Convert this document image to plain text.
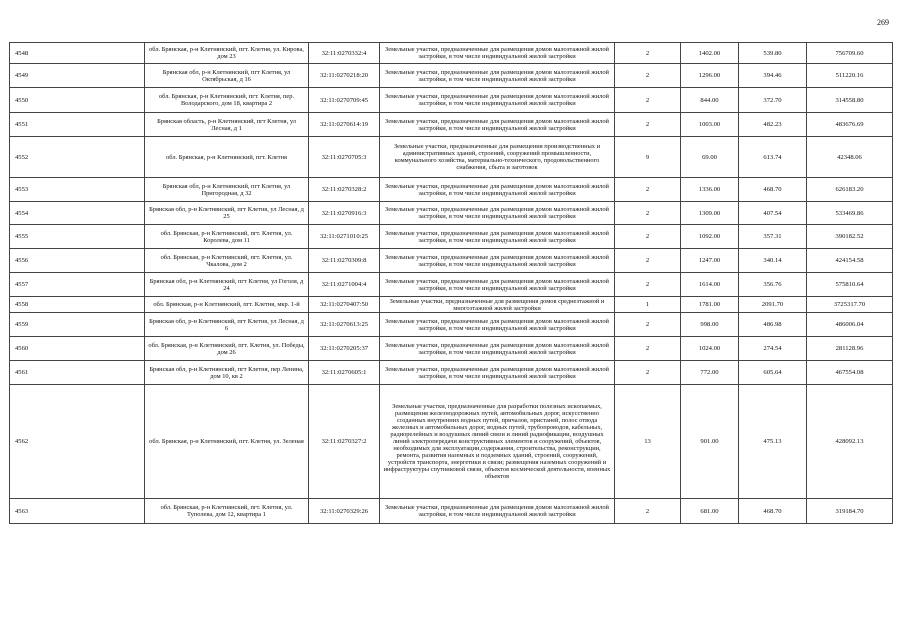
269
4548	обл. Брянская, р-н Клетнянский, пгт. Клетня, ул. Кирова, дом 23	32:11:0270332:4	Земельные участки, предназначенные для размещения домов малоэтажной жилой застройки, в том числе индивидуальной жилой застройки	2	1402.00	539.80	756709.60
4549	Брянская обл, р-н Клетнянский, пгт Клетня, ул Октябрьская, д 16	32:11:0270218:20	Земельные участки, предназначенные для размещения домов малоэтажной жилой застройки, в том числе индивидуальной жилой застройки	2	1296.00	394.46	511220.16
4550	обл. Брянская, р-н Клетнянский, пгт. Клетня, пер. Володарского, дом 18, квартира 2	32:11:0270709:45	Земельные участки, предназначенные для размещения домов малоэтажной жилой застройки, в том числе индивидуальной жилой застройки	2	844.00	372.70	314558.80
4551	Брянская область, р-н Клетнянский, пгт Клетня, ул Лесная, д 1	32:11:0270614:19	Земельные участки, предназначенные для размещения домов малоэтажной жилой застройки, в том числе индивидуальной жилой застройки	2	1003.00	482.23	483676.69
4552	обл. Брянская, р-н Клетнянский, пгт. Клетня	32:11:0270705:3	Земельные участки, предназначенные для размещения производственных и административных зданий, строений, сооружений промышленности, коммунального хозяйства, материально-технического, продовольственного снабжения, сбыта и заготовок	9	69.00	613.74	42348.06
4553	Брянская обл, р-н Клетнянский, пгт Клетня, ул Пригородная, д 32	32:11:0270328:2	Земельные участки, предназначенные для размещения домов малоэтажной жилой застройки, в том числе индивидуальной жилой застройки	2	1336.00	468.70	626183.20
4554	Брянская обл, р-н Клетнянский, пгт Клетня, ул Лесная, д 25	32:11:0270916:3	Земельные участки, предназначенные для размещения домов малоэтажной жилой застройки, в том числе индивидуальной жилой застройки	2	1309.00	407.54	533469.86
4555	обл. Брянская, р-н Клетнянский, пгт. Клетня, ул. Королева, дом 11	32:11:0271010:25	Земельные участки, предназначенные для размещения домов малоэтажной жилой застройки, в том числе индивидуальной жилой застройки	2	1092.00	357.31	390182.52
4556	обл. Брянская, р-н Клетнянский, пгт. Клетня, ул. Чкалова, дом 2	32:11:0270309:8	Земельные участки, предназначенные для размещения домов малоэтажной жилой застройки, в том числе индивидуальной жилой застройки	2	1247.00	340.14	424154.58
4557	Брянская обл, р-н Клетнянский, пгт Клетня, ул Гоголя, д 24	32:11:0271004:4	Земельные участки, предназначенные для размещения домов малоэтажной жилой застройки, в том числе индивидуальной жилой застройки	2	1614.00	356.76	575810.64
4558	обл. Брянская, р-н Клетнянский, пгт. Клетня, мкр. 1-й	32:11:0270407:50	Земельные участки, предназначенные для размещения домов среднеэтажной и многоэтажной жилой застройки	1	1781.00	2091.70	3725317.70
4559	Брянская обл, р-н Клетнянский, пгт Клетня, ул Лесная, д 6	32:11:0270613:25	Земельные участки, предназначенные для размещения домов малоэтажной жилой застройки, в том числе индивидуальной жилой застройки	2	998.00	486.98	486006.04
4560	обл. Брянская, р-н Клетнянский, пгт. Клетня, ул. Победы, дом 26	32:11:0270205:37	Земельные участки, предназначенные для размещения домов малоэтажной жилой застройки, в том числе индивидуальной жилой застройки	2	1024.00	274.54	281128.96
4561	Брянская обл, р-н Клетнянский, пгт Клетня, пер Ленина, дом 10, кв 2	32:11:0270605:1	Земельные участки, предназначенные для размещения домов малоэтажной жилой застройки, в том числе индивидуальной жилой застройки	2	772.00	605.64	467554.08
4562	обл. Брянская, р-н Клетнянский, пгт. Клетня, ул. Зеленая	32:11:0270327:2	Земельные участки, предназначенные для разработки полезных ископаемых, размещения железнодорожных путей, автомобильных дорог, искусственно созданных внутренних водных путей, причалов, пристаней, полос отвода железных и автомобильных дорог, водных путей, трубопроводов, кабельных, радиорелейных и воздушных линий связи и линий радиофикации, воздушных линий электропередачи конструктивных элементов и сооружений, объектов, необходимых для эксплуатации,содержания, строительства, реконструкции, ремонта, развития наземных и подземных зданий, строений, сооружений, устройств транспорта, энергетики и связи; размещения наземных сооружений и инфраструктуры спутниковой связи, объектов космической деятельности, военных объектов	13	901.00	475.13	428092.13
4563	обл. Брянская, р-н Клетнянский, пгт. Клетня, ул. Туполева, дом 12, квартира 1	32:11:0270329:26	Земельные участки, предназначенные для размещения домов малоэтажной жилой застройки, в том числе индивидуальной жилой застройки	2	681.00	468.70	319184.70
